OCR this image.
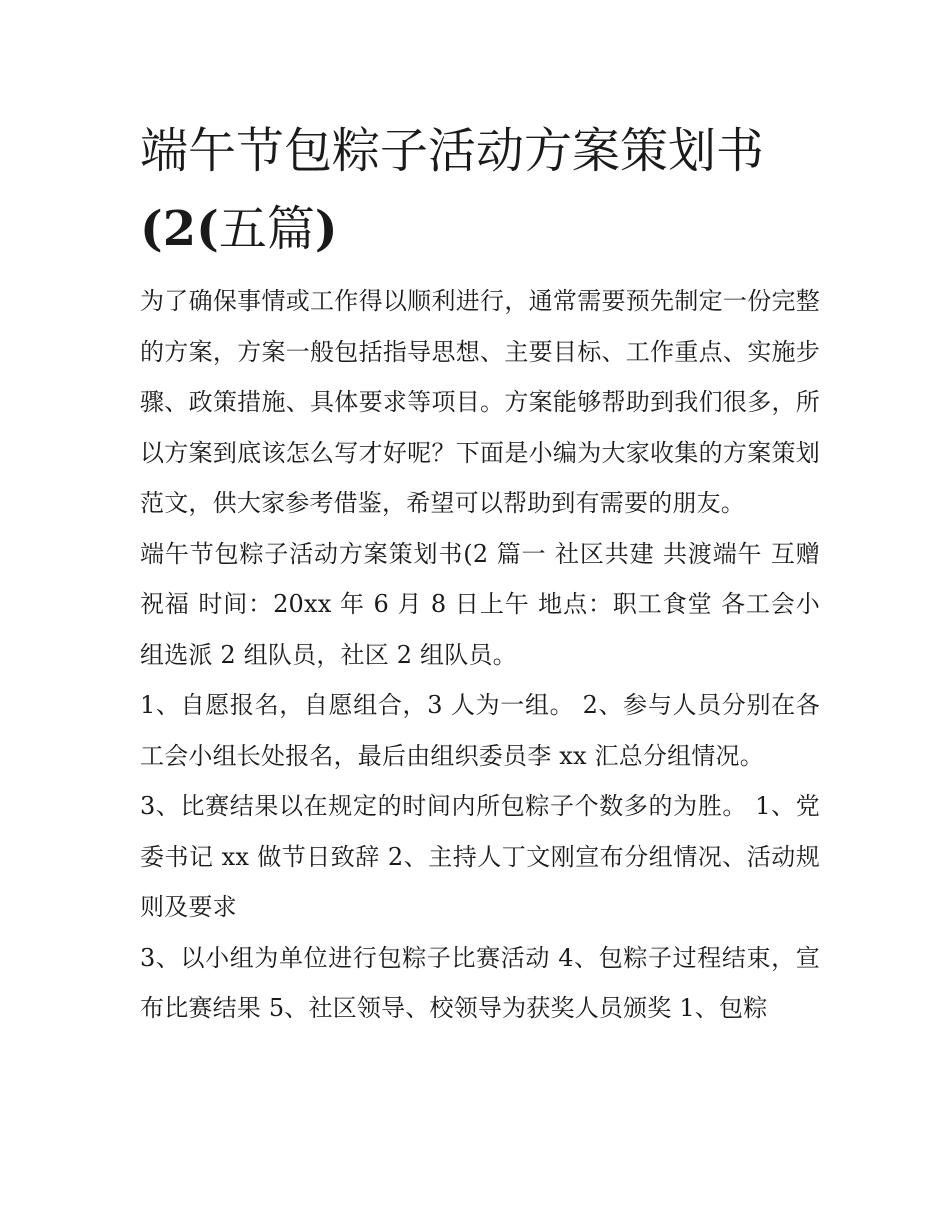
端午节包粽子活动方案策划书
(2(五篇)

为了确保事情或工作得以顺利进行，通常需要预先制定一份完整的方案，方案一般包括指导思想、主要目标、工作重点、实施步骤、政策措施、具体要求等项目。方案能够帮助到我们很多，所以方案到底该怎么写才好呢？下面是小编为大家收集的方案策划范文，供大家参考借鉴，希望可以帮助到有需要的朋友。

端午节包粽子活动方案策划书(2 篇一 社区共建 共渡端午 互赠祝福 时间：20xx 年 6 月 8 日上午 地点：职工食堂 各工会小组选派 2 组队员，社区 2 组队员。

1、自愿报名，自愿组合，3 人为一组。 2、参与人员分别在各工会小组长处报名，最后由组织委员李 xx 汇总分组情况。

3、比赛结果以在规定的时间内所包粽子个数多的为胜。 1、党委书记 xx 做节日致辞 2、主持人丁文刚宣布分组情况、活动规则及要求

3、以小组为单位进行包粽子比赛活动 4、包粽子过程结束，宣布比赛结果 5、社区领导、校领导为获奖人员颁奖 1、包粽
